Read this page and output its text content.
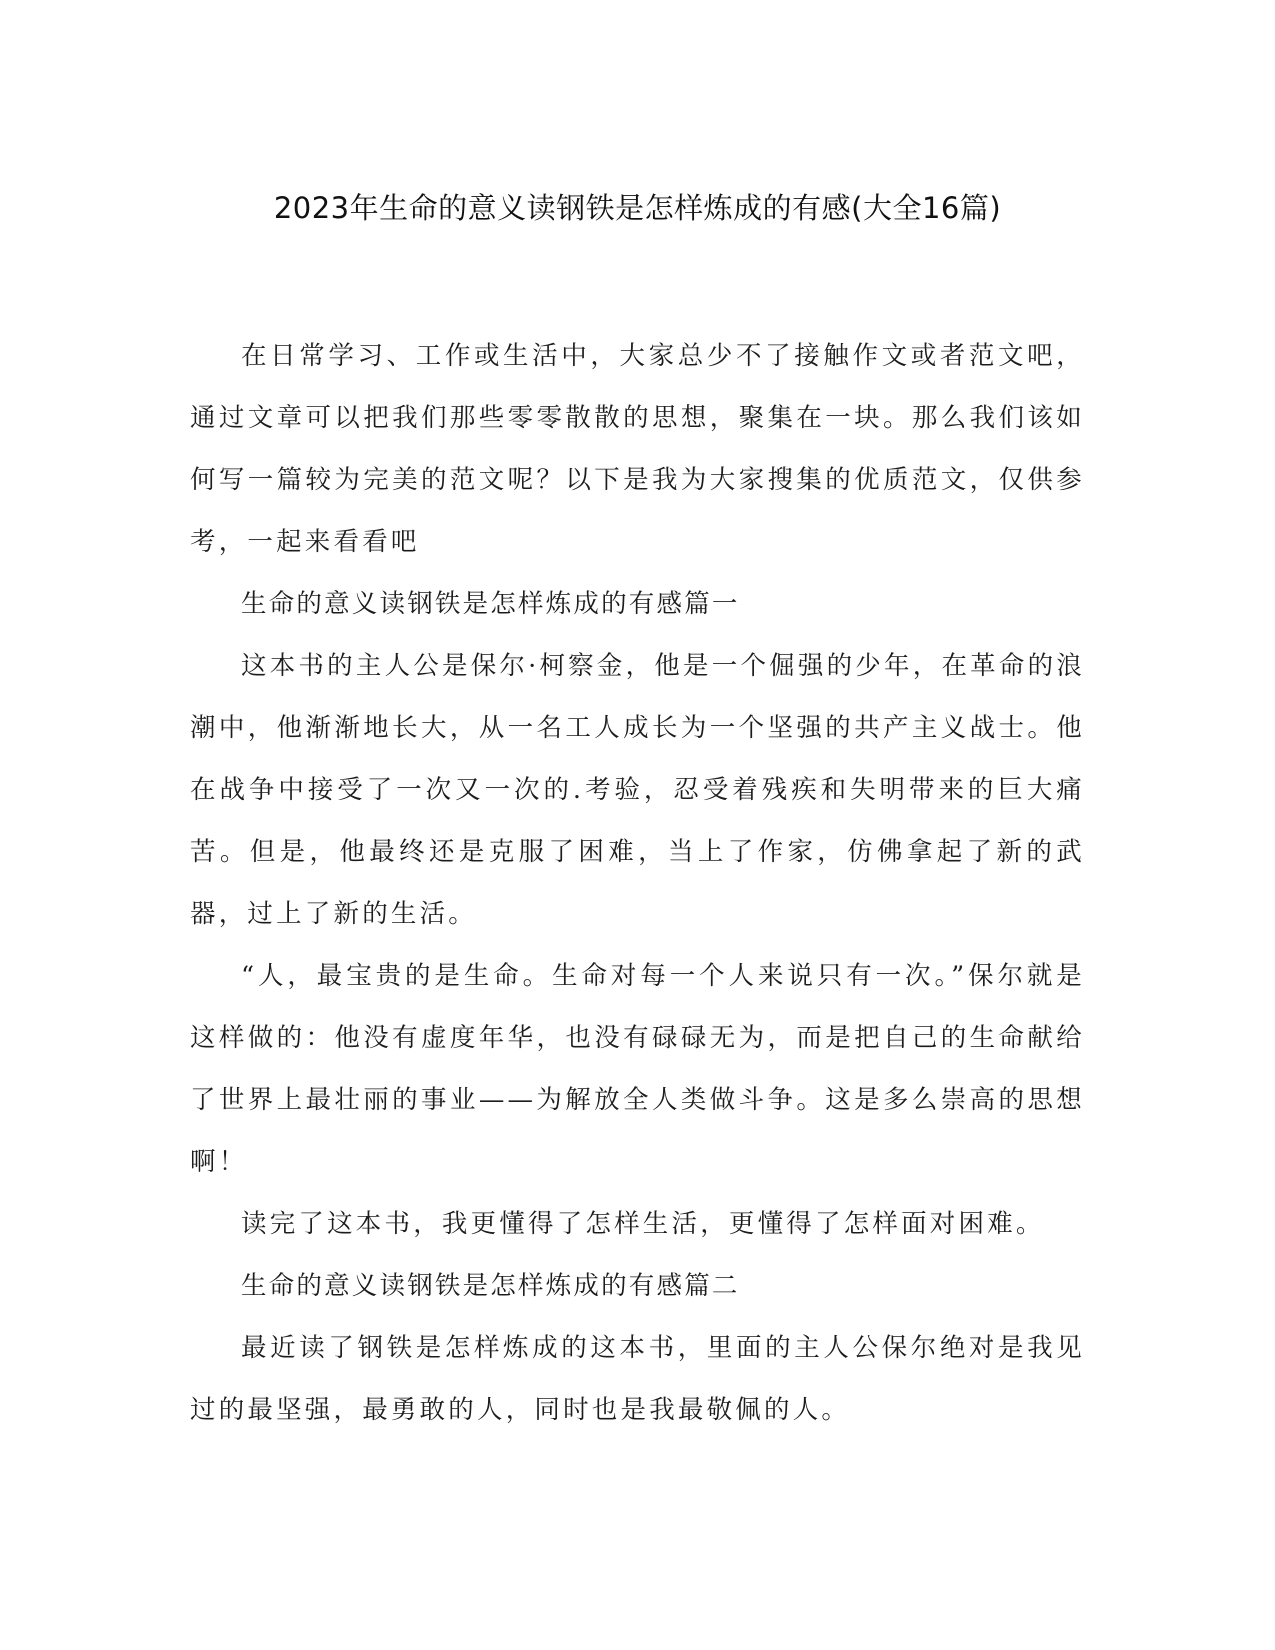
2023年生命的意义读钢铁是怎样炼成的有感(大全16篇)

在日常学习、工作或生活中，大家总少不了接触作文或者范文吧，通过文章可以把我们那些零零散散的思想，聚集在一块。那么我们该如何写一篇较为完美的范文呢？以下是我为大家搜集的优质范文，仅供参考，一起来看看吧

生命的意义读钢铁是怎样炼成的有感篇一

这本书的主人公是保尔·柯察金，他是一个倔强的少年，在革命的浪潮中，他渐渐地长大，从一名工人成长为一个坚强的共产主义战士。他在战争中接受了一次又一次的.考验，忍受着残疾和失明带来的巨大痛苦。但是，他最终还是克服了困难，当上了作家，仿佛拿起了新的武器，过上了新的生活。

“人，最宝贵的是生命。生命对每一个人来说只有一次。”保尔就是这样做的：他没有虚度年华，也没有碌碌无为，而是把自己的生命献给了世界上最壮丽的事业——为解放全人类做斗争。这是多么崇高的思想啊！

读完了这本书，我更懂得了怎样生活，更懂得了怎样面对困难。

生命的意义读钢铁是怎样炼成的有感篇二

最近读了钢铁是怎样炼成的这本书，里面的主人公保尔绝对是我见过的最坚强，最勇敢的人，同时也是我最敬佩的人。
